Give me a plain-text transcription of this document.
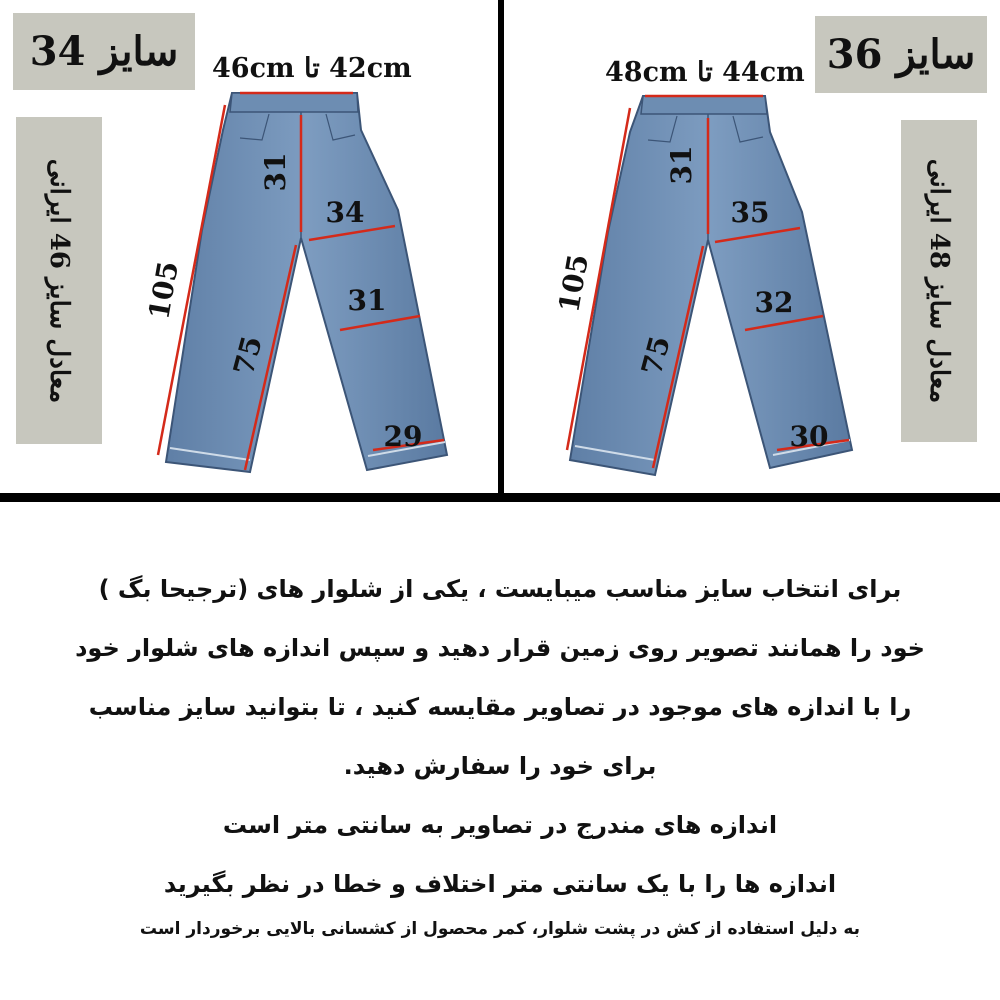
سایز 34
معادل سایز 46 ایرانی
42cm تا 46cm
31
34
31
29
105
75
سایز 36
معادل سایز 48 ایرانی
44cm تا 48cm
31
35
32
30
105
75
برای انتخاب سایز مناسب میبایست ، یکی از شلوار های (ترجیحا بگ )
خود را همانند تصویر روی زمین قرار دهید و سپس اندازه های شلوار خود
را با اندازه های موجود در تصاویر مقایسه کنید ، تا بتوانید سایز مناسب
برای خود را سفارش دهید.
اندازه های مندرج در تصاویر به سانتی متر است
اندازه ها را با یک سانتی متر اختلاف و خطا در نظر بگیرید
به دلیل استفاده از کش در پشت شلوار، کمر محصول از کشسانی بالایی برخوردار است
